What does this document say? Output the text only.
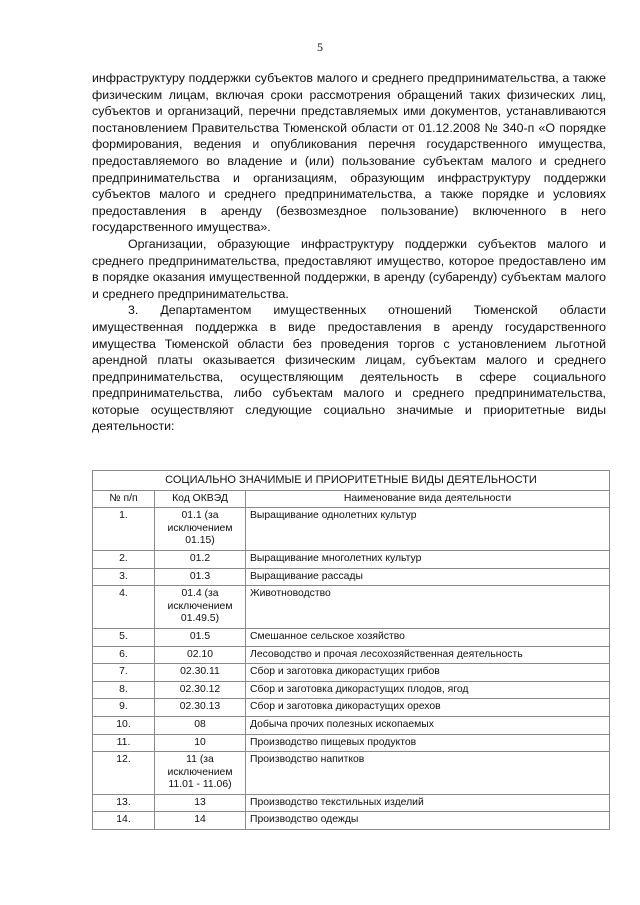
5

инфраструктуру поддержки субъектов малого и среднего предпринимательства, а также физическим лицам, включая сроки рассмотрения обращений таких физических лиц, субъектов и организаций, перечни представляемых ими документов, устанавливаются постановлением Правительства Тюменской области от 01.12.2008 № 340-п «О порядке формирования, ведения и опубликования перечня государственного имущества, предоставляемого во владение и (или) пользование субъектам малого и среднего предпринимательства и организациям, образующим инфраструктуру поддержки субъектов малого и среднего предпринимательства, а также порядке и условиях предоставления в аренду (безвозмездное пользование) включенного в него государственного имущества».

Организации, образующие инфраструктуру поддержки субъектов малого и среднего предпринимательства, предоставляют имущество, которое предоставлено им в порядке оказания имущественной поддержки, в аренду (субаренду) субъектам малого и среднего предпринимательства.

3. Департаментом имущественных отношений Тюменской области имущественная поддержка в виде предоставления в аренду государственного имущества Тюменской области без проведения торгов с установлением льготной арендной платы оказывается физическим лицам, субъектам малого и среднего предпринимательства, осуществляющим деятельность в сфере социального предпринимательства, либо субъектам малого и среднего предпринимательства, которые осуществляют следующие социально значимые и приоритетные виды деятельности:

СОЦИАЛЬНО ЗНАЧИМЫЕ И ПРИОРИТЕТНЫЕ ВИДЫ ДЕЯТЕЛЬНОСТИ		
№ п/п	Код ОКВЭД	Наименование вида деятельности
1.	01.1 (за исключением 01.15)	Выращивание однолетних культур
2.	01.2	Выращивание многолетних культур
3.	01.3	Выращивание рассады
4.	01.4 (за исключением 01.49.5)	Животноводство
5.	01.5	Смешанное сельское хозяйство
6.	02.10	Лесоводство и прочая лесохозяйственная деятельность
7.	02.30.11	Сбор и заготовка дикорастущих грибов
8.	02.30.12	Сбор и заготовка дикорастущих плодов, ягод
9.	02.30.13	Сбор и заготовка дикорастущих орехов
10.	08	Добыча прочих полезных ископаемых
11.	10	Производство пищевых продуктов
12.	11 (за исключением 11.01 - 11.06)	Производство напитков
13.	13	Производство текстильных изделий
14.	14	Производство одежды
